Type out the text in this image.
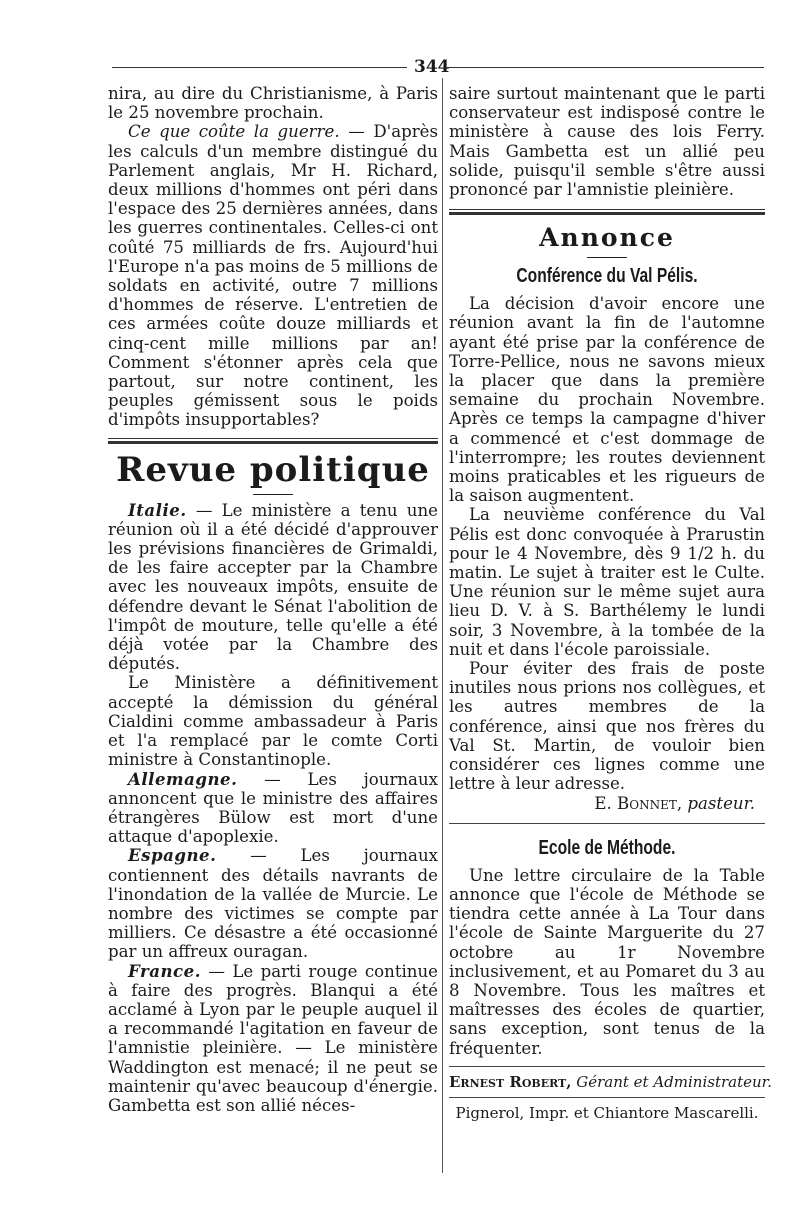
344

nira, au dire du Christianisme, à Paris le 25 novembre prochain.

Ce que coûte la guerre. — D'après les calculs d'un membre distingué du Parlement anglais, Mr H. Richard, deux millions d'hommes ont péri dans l'espace des 25 dernières années, dans les guerres continentales. Celles-ci ont coûté 75 milliards de frs. Aujourd'hui l'Europe n'a pas moins de 5 millions de soldats en activité, outre 7 millions d'hommes de réserve. L'entretien de ces armées coûte douze milliards et cinq-cent mille millions par an! Comment s'étonner après cela que partout, sur notre continent, les peuples gémissent sous le poids d'impôts insupportables?

Revue politique

Italie. — Le ministère a tenu une réunion où il a été décidé d'approuver les prévisions financières de Grimaldi, de les faire accepter par la Chambre avec les nouveaux impôts, ensuite de défendre devant le Sénat l'abolition de l'impôt de mouture, telle qu'elle a été déjà votée par la Chambre des députés.

Le Ministère a définitivement accepté la démission du général Cialdini comme ambassadeur à Paris et l'a remplacé par le comte Corti ministre à Constantinople.

Allemagne. — Les journaux annoncent que le ministre des affaires étrangères Bülow est mort d'une attaque d'apoplexie.

Espagne. — Les journaux contiennent des détails navrants de l'inondation de la vallée de Murcie. Le nombre des victimes se compte par milliers. Ce désastre a été occasionné par un affreux ouragan.

France. — Le parti rouge continue à faire des progrès. Blanqui a été acclamé à Lyon par le peuple auquel il a recommandé l'agitation en faveur de l'amnistie pleinière. — Le ministère Waddington est menacé; il ne peut se maintenir qu'avec beaucoup d'énergie. Gambetta est son allié néces-

saire surtout maintenant que le parti conservateur est indisposé contre le ministère à cause des lois Ferry. Mais Gambetta est un allié peu solide, puisqu'il semble s'être aussi prononcé par l'amnistie pleinière.

Annonce
Conférence du Val Pélis.

La décision d'avoir encore une réunion avant la fin de l'automne ayant été prise par la conférence de Torre-Pellice, nous ne savons mieux la placer que dans la première semaine du prochain Novembre. Après ce temps la campagne d'hiver a commencé et c'est dommage de l'interrompre; les routes deviennent moins praticables et les rigueurs de la saison augmentent.

La neuvième conférence du Val Pélis est donc convoquée à Prarustin pour le 4 Novembre, dès 9 1/2 h. du matin. Le sujet à traiter est le Culte. Une réunion sur le même sujet aura lieu D. V. à S. Barthélemy le lundi soir, 3 Novembre, à la tombée de la nuit et dans l'école paroissiale.

Pour éviter des frais de poste inutiles nous prions nos collègues, et les autres membres de la conférence, ainsi que nos frères du Val St. Martin, de vouloir bien considérer ces lignes comme une lettre à leur adresse.

E. Bonnet, pasteur.

Ecole de Méthode.

Une lettre circulaire de la Table annonce que l'école de Méthode se tiendra cette année à La Tour dans l'école de Sainte Marguerite du 27 octobre au 1r Novembre inclusivement, et au Pomaret du 3 au 8 Novembre. Tous les maîtres et maîtresses des écoles de quartier, sans exception, sont tenus de la fréquenter.

Ernest Robert, Gérant et Administrateur.
Pignerol, Impr. et Chiantore Mascarelli.
